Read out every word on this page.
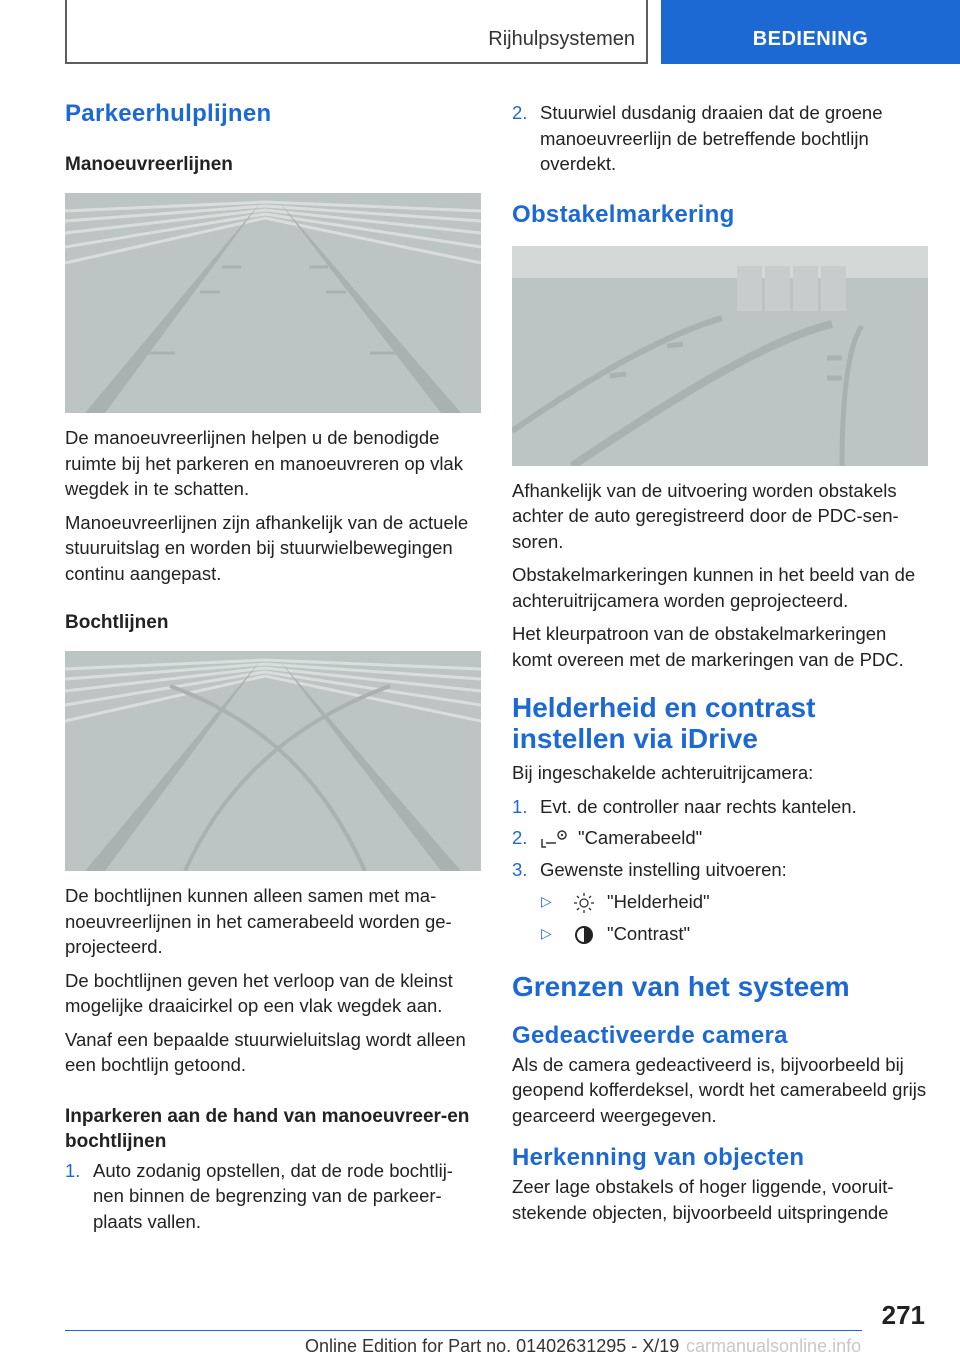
Rijhulpsystemen	BEDIENING
Parkeerhulplijnen
Manoeuvreerlijnen

De manoeuvreerlijnen helpen u de benodigde ruimte bij het parkeren en manoeuvreren op vlak wegdek in te schatten.

Manoeuvreerlijnen zijn afhankelijk van de actuele stuuruitslag en worden bij stuurwielbewegingen continu aangepast.

Bochtlijnen

De bochtlijnen kunnen alleen samen met ma‐noeuvreerlijnen in het camerabeeld worden ge‐projecteerd.

De bochtlijnen geven het verloop van de kleinst mogelijke draaicirkel op een vlak wegdek aan.

Vanaf een bepaalde stuurwieluitslag wordt alleen een bochtlijn getoond.

Inparkeren aan de hand van manoeuvreer‐en bochtlijnen
1. Auto zodanig opstellen, dat de rode bochtlij‐nen binnen de begrenzing van de parkeer‐plaats vallen.
2. Stuurwiel dusdanig draaien dat de groene manoeuvreerlijn de betreffende bochtlijn overdekt.
Obstakelmarkering

Afhankelijk van de uitvoering worden obstakels achter de auto geregistreerd door de PDC-sen‐soren.

Obstakelmarkeringen kunnen in het beeld van de achteruitrijcamera worden geprojecteerd.

Het kleurpatroon van de obstakelmarkeringen komt overeen met de markeringen van de PDC.

Helderheid en contrast instellen via iDrive

Bij ingeschakelde achteruitrijcamera:

1. Evt. de controller naar rechts kantelen.
2.	"Camerabeeld"
3. Gewenste instelling uitvoeren:
▷	"Helderheid"
▷	"Contrast"
Grenzen van het systeem
Gedeactiveerde camera

Als de camera gedeactiveerd is, bijvoorbeeld bij geopend kofferdeksel, wordt het camerabeeld grijs gearceerd weergegeven.

Herkenning van objecten

Zeer lage obstakels of hoger liggende, vooruit‐stekende objecten, bijvoorbeeld uitspringende

271
Online Edition for Part no. 01402631295 - X/19 carmanualsonline.info
